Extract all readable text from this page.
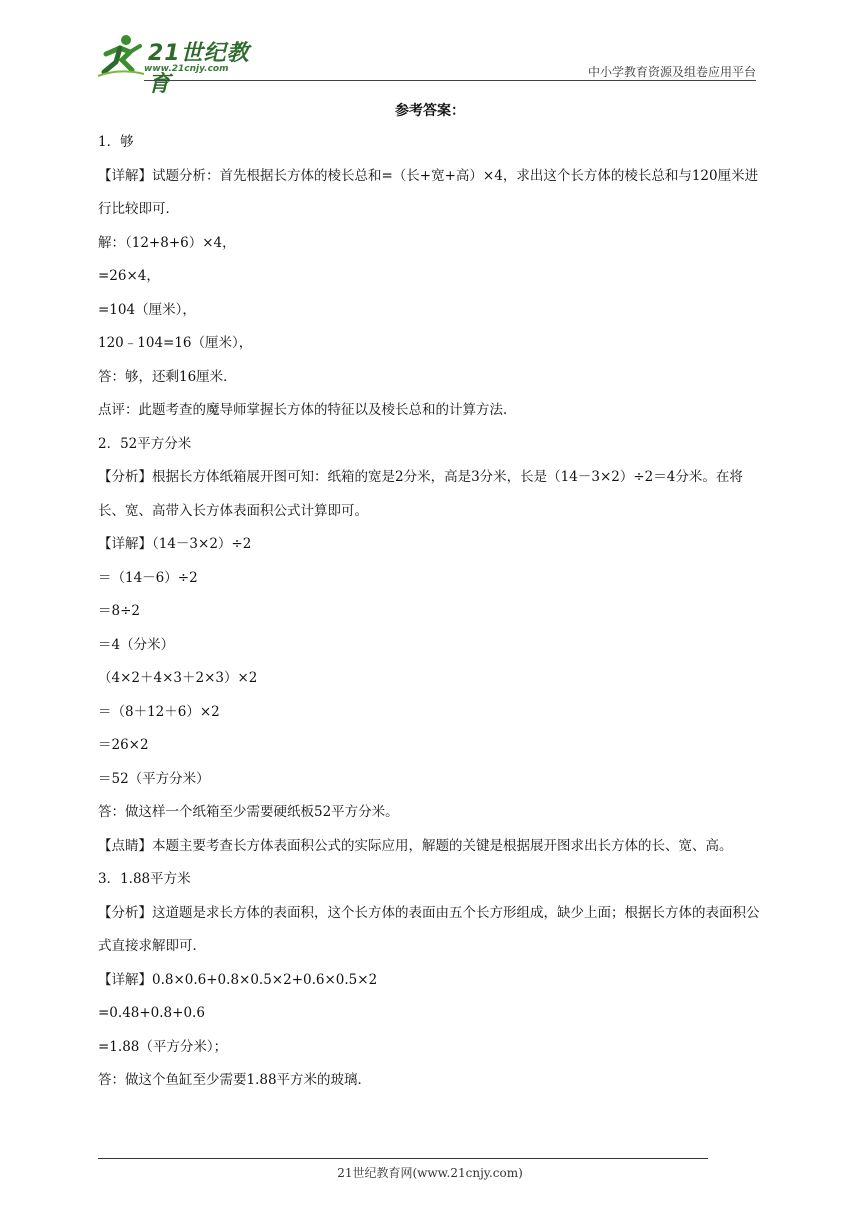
21世纪教育
www.21cnjy.com	中小学教育资源及组卷应用平台
参考答案：
1．够
【详解】试题分析：首先根据长方体的棱长总和=（长+宽+高）×4，求出这个长方体的棱长总和与120厘米进行比较即可．
解：（12+8+6）×4，
=26×4，
=104（厘米），
120﹣104=16（厘米），
答：够，还剩16厘米．
点评：此题考查的魔导师掌握长方体的特征以及棱长总和的计算方法．
2．52平方分米
【分析】根据长方体纸箱展开图可知：纸箱的宽是2分米，高是3分米，长是（14－3×2）÷2＝4分米。在将长、宽、高带入长方体表面积公式计算即可。
【详解】（14－3×2）÷2
＝（14－6）÷2
＝8÷2
＝4（分米）
（4×2＋4×3＋2×3）×2
＝（8＋12＋6）×2
＝26×2
＝52（平方分米）
答：做这样一个纸箱至少需要硬纸板52平方分米。
【点睛】本题主要考查长方体表面积公式的实际应用，解题的关键是根据展开图求出长方体的长、宽、高。
3．1.88平方米
【分析】这道题是求长方体的表面积，这个长方体的表面由五个长方形组成，缺少上面；根据长方体的表面积公式直接求解即可．
【详解】0.8×0.6+0.8×0.5×2+0.6×0.5×2
=0.48+0.8+0.6
=1.88（平方分米）；
答：做这个鱼缸至少需要1.88平方米的玻璃．
21世纪教育网(www.21cnjy.com)
